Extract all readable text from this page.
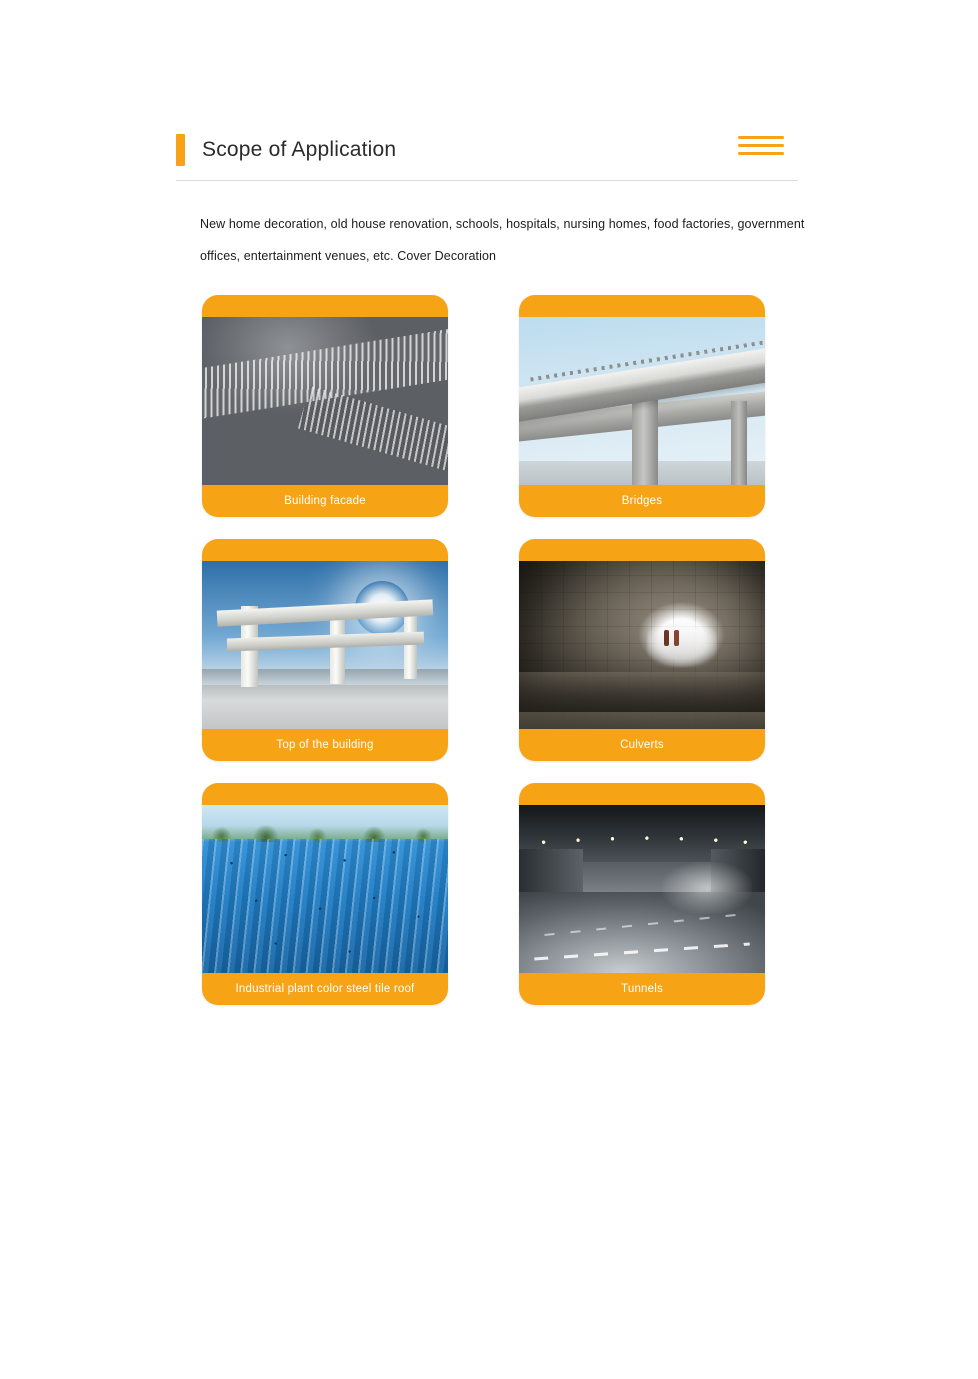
Scope of Application
New home decoration, old house renovation, schools, hospitals, nursing homes, food factories, government offices, entertainment venues, etc. Cover Decoration
Building facade	Bridges
Top of the building	Culverts
Industrial plant color steel tile roof	Tunnels
